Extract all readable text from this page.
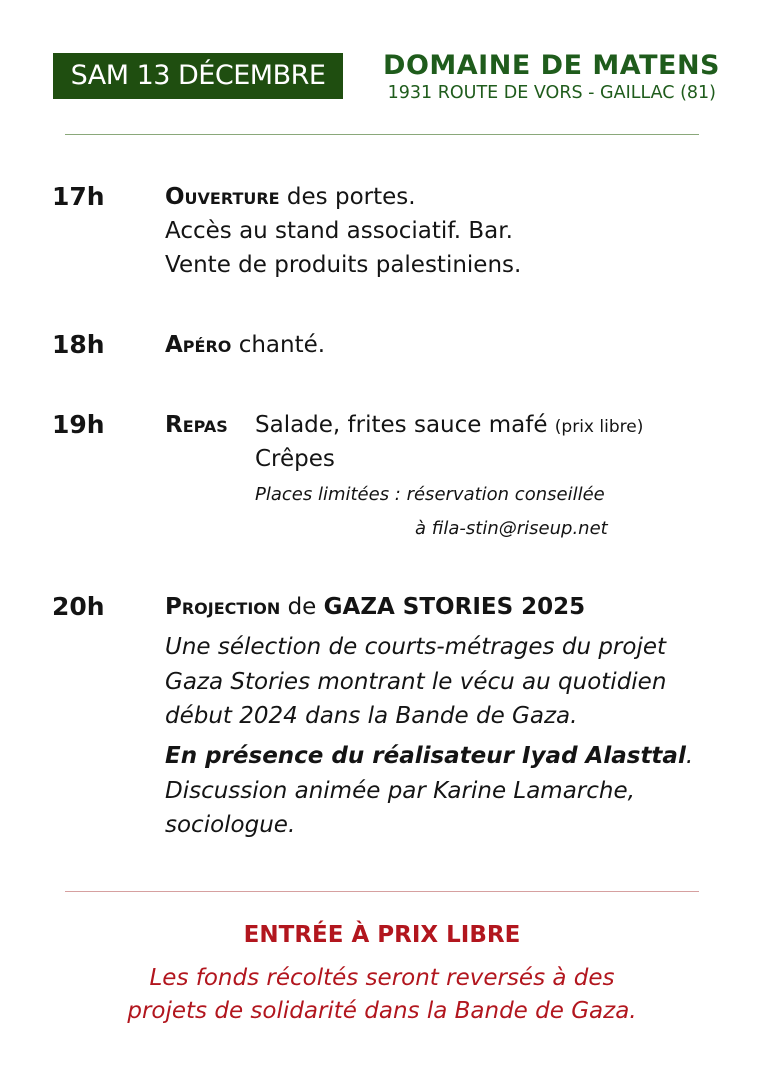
SAM 13 DÉCEMBRE	DOMAINE DE MATENS
1931 ROUTE DE VORS - GAILLAC (81)
17h	Ouverture des portes.
Accès au stand associatif. Bar.
Vente de produits palestiniens.
18h	Apéro chanté.
19h	Repas Salade, frites sauce mafé (prix libre)
Crêpes
Places limitées : réservation conseillée
à fila-stin@riseup.net
20h	Projection de GAZA STORIES 2025
Une sélection de courts-métrages du projet
Gaza Stories montrant le vécu au quotidien
début 2024 dans la Bande de Gaza.
En présence du réalisateur Iyad Alasttal.
Discussion animée par Karine Lamarche,
sociologue.
ENTRÉE À PRIX LIBRE
Les fonds récoltés seront reversés à des
projets de solidarité dans la Bande de Gaza.
